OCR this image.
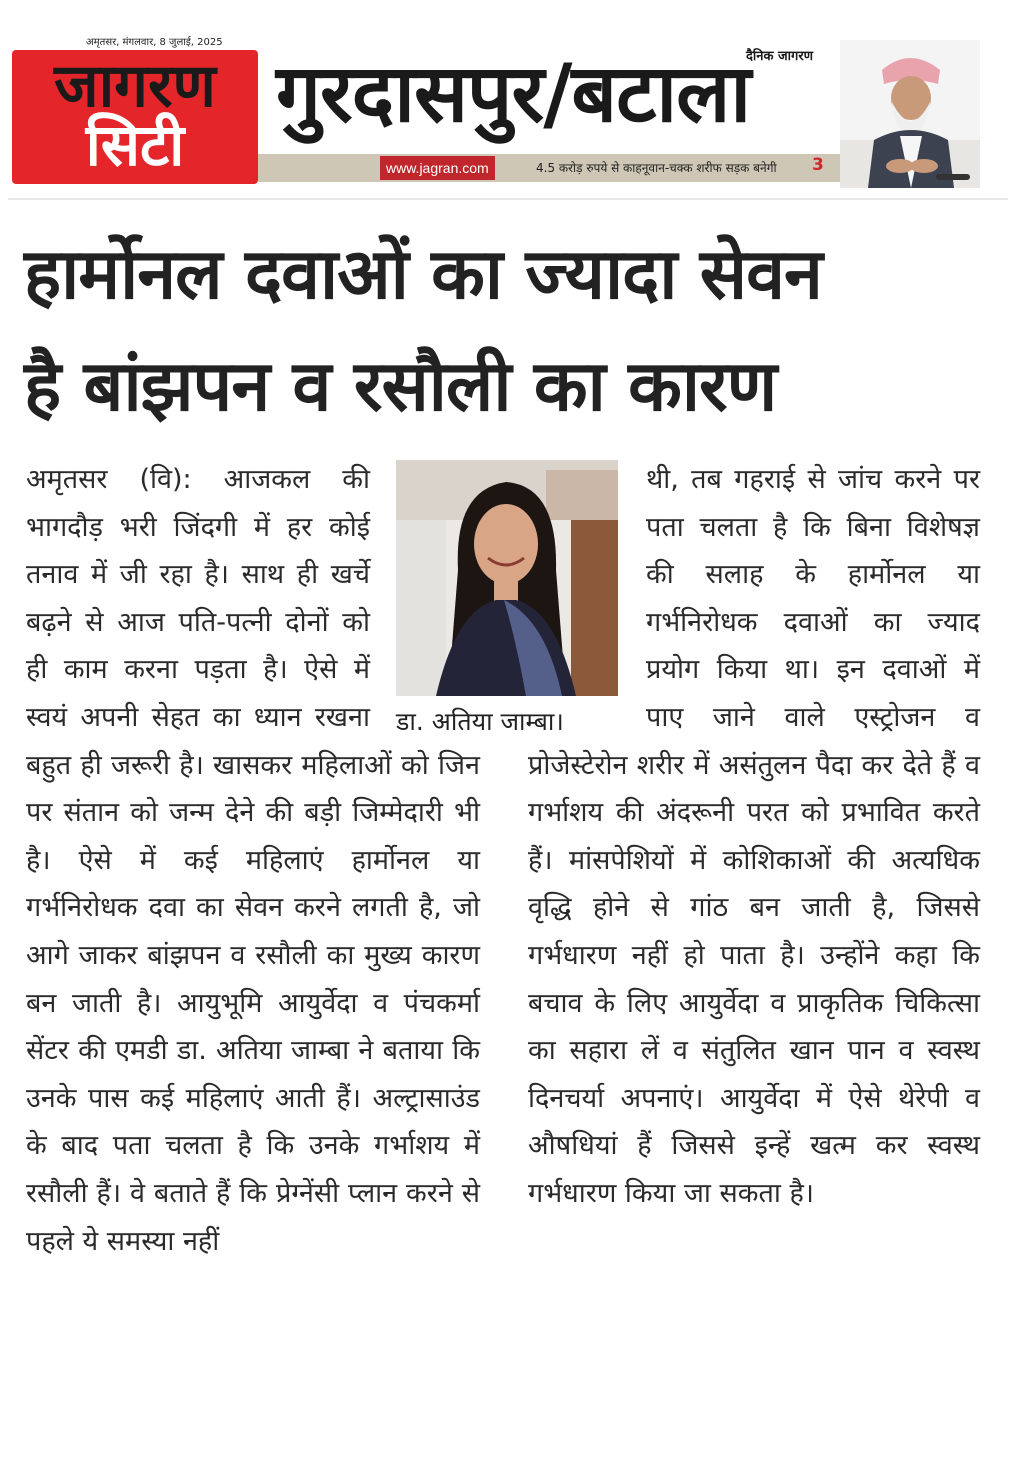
अमृतसर, मंगलवार, 8 जुलाई, 2025
जागरण
सिटी
गुरदासपुर/बटाला
दैनिक जागरण
www.jagran.com	4.5 करोड़ रुपये से काहनूवान-चक्क शरीफ सड़क बनेगी 3
हार्मोनल दवाओं का ज्यादा सेवन
है बांझपन व रसौली का कारण
डा. अतिया जाम्बा।

अमृतसर (वि): आजकल की भागदौड़ भरी जिंदगी में हर कोई तनाव में जी रहा है। साथ ही खर्चे बढ़ने से आज पति-पत्नी दोनों को ही काम करना पड़ता है। ऐसे में स्वयं अपनी सेहत का ध्यान रखना बहुत ही जरूरी है। खासकर महिलाओं को जिन पर संतान को जन्म देने की बड़ी जिम्मेदारी भी है। ऐसे में कई महिलाएं हार्मोनल या गर्भनिरोधक दवा का सेवन करने लगती है, जो आगे जाकर बांझपन व रसौली का मुख्य कारण बन जाती है। आयुभूमि आयुर्वेदा व पंचकर्मा सेंटर की एमडी डा. अतिया जाम्बा ने बताया कि उनके पास कई महिलाएं आती हैं। अल्ट्रासाउंड के बाद पता चलता है कि उनके गर्भाशय में रसौली हैं। वे बताते हैं कि प्रेग्नेंसी प्लान करने से पहले ये समस्या नहीं

थी, तब गहराई से जांच करने पर पता चलता है कि बिना विशेषज्ञ की सलाह के हार्मोनल या गर्भनिरोधक दवाओं का ज्याद प्रयोग किया था। इन दवाओं में पाए जाने वाले एस्ट्रोजन व प्रोजेस्टेरोन शरीर में असंतुलन पैदा कर देते हैं व गर्भाशय की अंदरूनी परत को प्रभावित करते हैं। मांसपेशियों में कोशिकाओं की अत्यधिक वृद्धि होने से गांठ बन जाती है, जिससे गर्भधारण नहीं हो पाता है। उन्होंने कहा कि बचाव के लिए आयुर्वेदा व प्राकृतिक चिकित्सा का सहारा लें व संतुलित खान पान व स्वस्थ दिनचर्या अपनाएं। आयुर्वेदा में ऐसे थेरेपी व औषधियां हैं जिससे इन्हें खत्म कर स्वस्थ गर्भधारण किया जा सकता है।
